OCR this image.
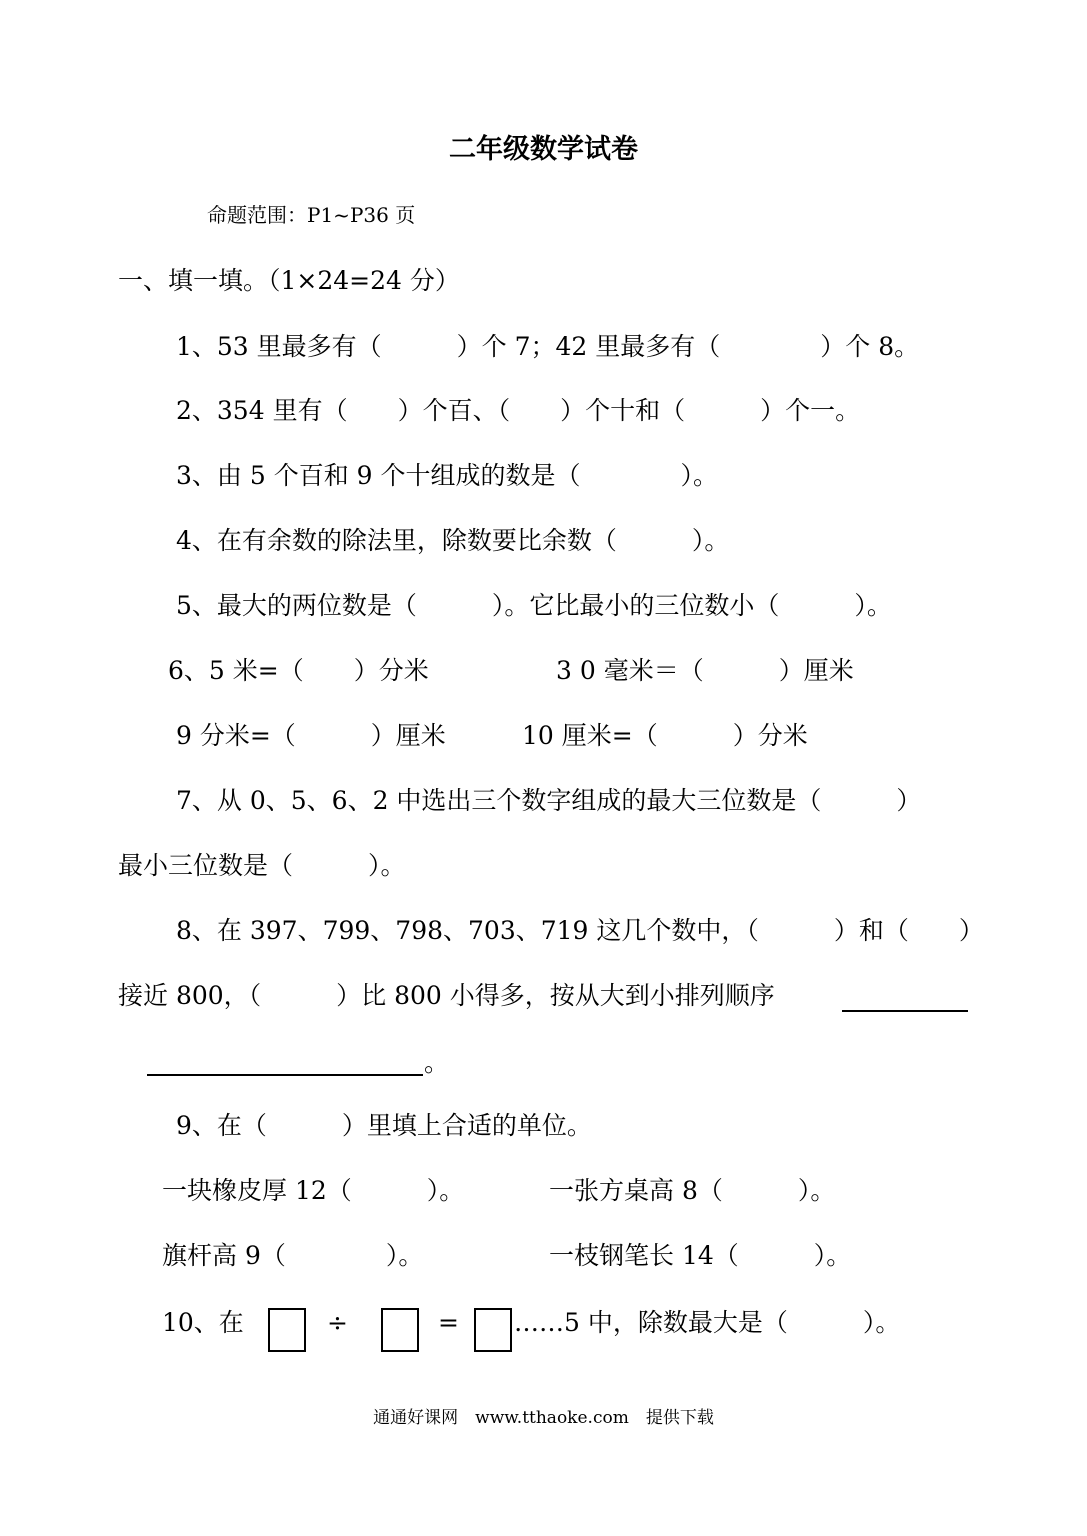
二年级数学试卷
命题范围：P1~P36 页
一、填一填。（1×24=24 分）
1、53 里最多有（　　　）个 7；42 里最多有（　　　　）个 8。
2、354 里有（　　）个百、（　　）个十和（　　　）个一。
3、由 5 个百和 9 个十组成的数是（　　　　）。
4、在有余数的除法里，除数要比余数（　　　）。
5、最大的两位数是（　　　）。它比最小的三位数小（　　　）。
6、5 米=（　　）分米	3 0 毫米＝（　　　）厘米
9 分米=（　　　）厘米	10 厘米=（　　　）分米
7、从 0、5、6、2 中选出三个数字组成的最大三位数是（　　　）
最小三位数是（　　　）。
8、在 397、799、798、703、719 这几个数中，（　　　）和（　　）
接近 800，（　　　）比 800 小得多，按从大到小排列顺序
。
9、在（　　　）里填上合适的单位。
一块橡皮厚 12（　　　）。	一张方桌高 8（　　　）。
旗杆高 9（　　　　）。	一枝钢笔长 14（　　　）。
10、在	÷	= ……5 中，除数最大是（　　　）。
通通好课网　www.tthaoke.com　提供下载
